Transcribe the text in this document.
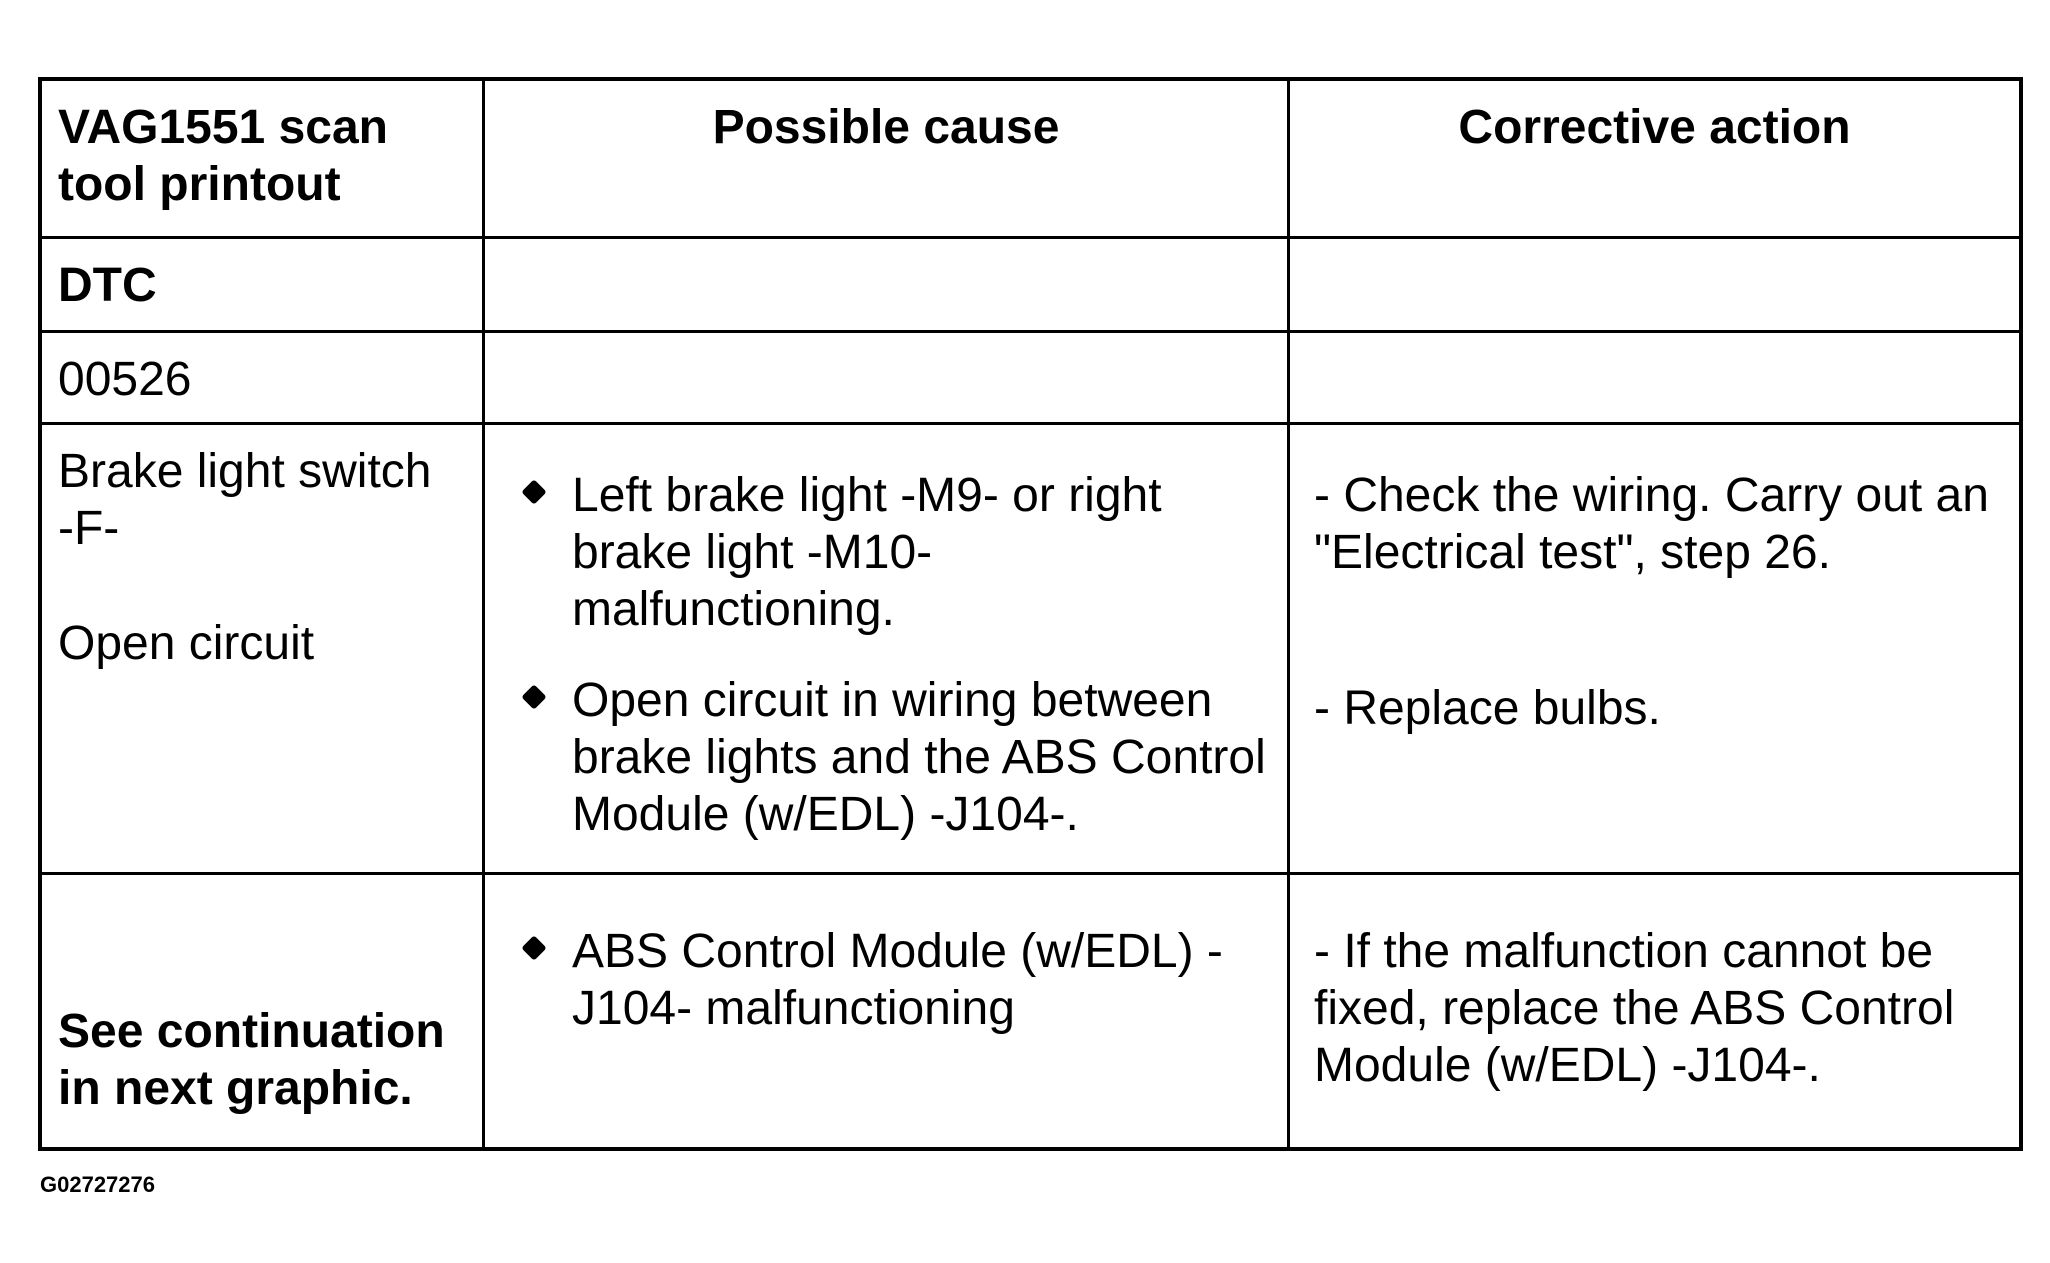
VAG1551 scan tool printout
Possible cause	Corrective action
DTC
00526
Brake light switch -F-
Open circuit
Left brake light -M9- or right brake light -M10- malfunctioning.
Open circuit in wiring between brake lights and the ABS Control Module (w/EDL) -J104-.
- Check the wiring. Carry out an "Electrical test", step 26.
- Replace bulbs.
See continuation in next graphic.
ABS Control Module (w/EDL) -J104- malfunctioning
- If the malfunction cannot be fixed, replace the ABS Control Module (w/EDL) -J104-.
G02727276
